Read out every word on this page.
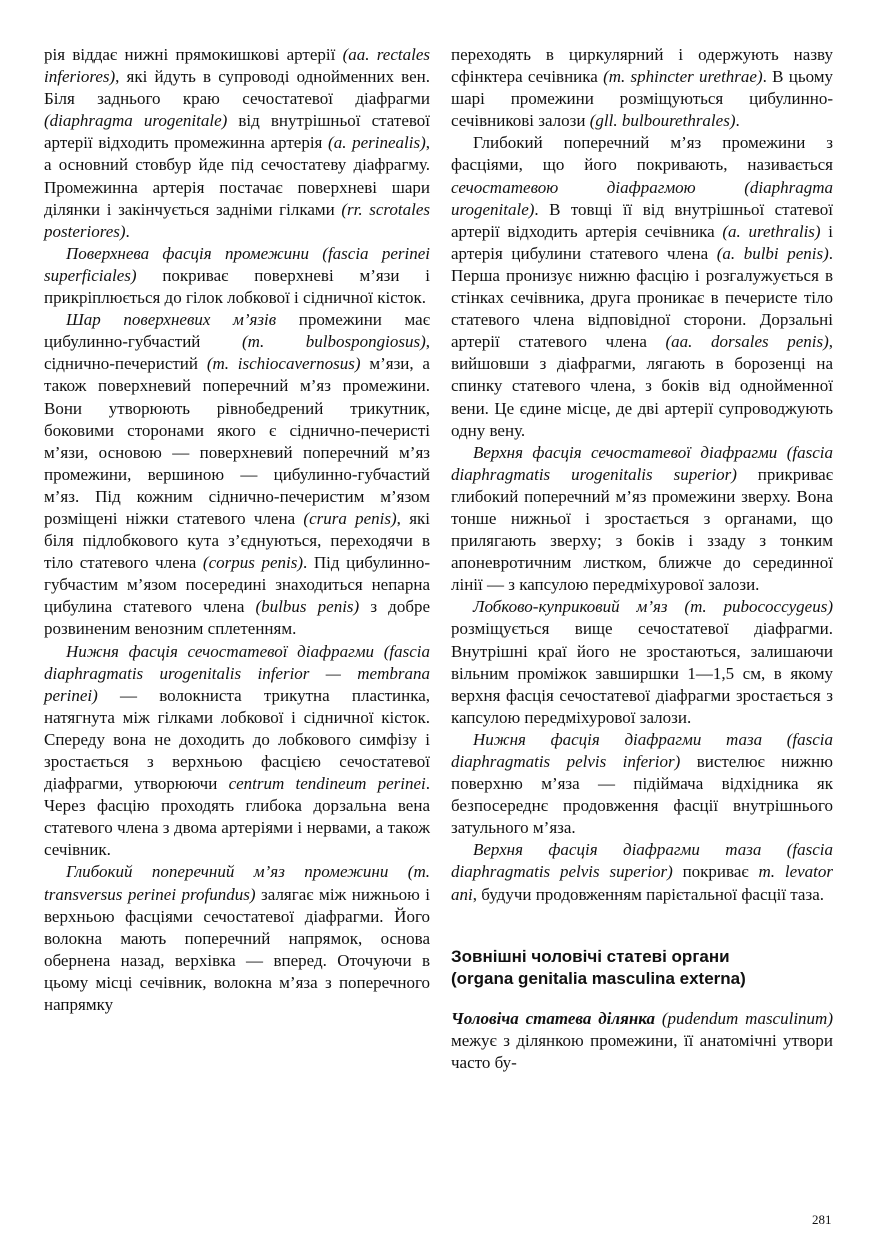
рія віддає нижні прямокишкові артерії (aa. rectales inferiores), які йдуть в супроводі однойменних вен. Біля заднього краю сечостатевої діафрагми (diaphragma urogenitale) від внутрішньої статевої артерії відходить промежинна артерія (a. perinealis), а основний стовбур йде під сечостатеву діафрагму. Промежинна артерія постачає поверхневі шари ділянки і закінчується задніми гілками (rr. scrotales posteriores).

Поверхнева фасція промежини (fascia perinei superficiales) покриває поверхневі м’язи і прикріплюється до гілок лобкової і сідничної кісток.

Шар поверхневих м’язів промежини має цибулинно-губчастий (m. bulbospongiosus), сіднично-печеристий (m. ischiocavernosus) м’язи, а також поверхневий поперечний м’яз промежини. Вони утворюють рівнобедрений трикутник, боковими сторонами якого є сіднично-печеристі м’язи, основою — поверхневий поперечний м’яз промежини, вершиною — цибулинно-губчастий м’яз. Під кожним сіднично-печеристим м’язом розміщені ніжки статевого члена (crura penis), які біля підлобкового кута з’єднуються, переходячи в тіло статевого члена (corpus penis). Під цибулинно-губчастим м’язом посередині знаходиться непарна цибулина статевого члена (bulbus penis) з добре розвиненим венозним сплетенням.

Нижня фасція сечостатевої діафрагми (fascia diaphragmatis urogenitalis inferior — membrana perinei) — волокниста трикутна пластинка, натягнута між гілками лобкової і сідничної кісток. Спереду вона не доходить до лобкового симфізу і зростається з верхньою фасцією сечостатевої діафрагми, утворюючи centrum tendineum perinei. Через фасцію проходять глибока дорзальна вена статевого члена з двома артеріями і нервами, а також сечівник.

Глибокий поперечний м’яз промежини (m. transversus perinei profundus) залягає між нижньою і верхньою фасціями сечостатевої діафрагми. Його волокна мають поперечний напрямок, основа обернена назад, верхівка — вперед. Оточуючи в цьому місці сечівник, волокна м’яза з поперечного напрямку

переходять в циркулярний і одержують назву сфінктера сечівника (m. sphincter urethrae). В цьому шарі промежини розміщуються цибулинно-сечівникові залози (gll. bulbourethrales).

Глибокий поперечний м’яз промежини з фасціями, що його покривають, називається сечостатевою діафрагмою (diaphragma urogenitale). В товщі її від внутрішньої статевої артерії відходить артерія сечівника (a. urethralis) і артерія цибулини статевого члена (a. bulbi penis). Перша пронизує нижню фасцію і розгалужується в стінках сечівника, друга проникає в печеристе тіло статевого члена відповідної сторони. Дорзальні артерії статевого члена (aa. dorsales penis), вийшовши з діафрагми, лягають в борозенці на спинку статевого члена, з боків від однойменної вени. Це єдине місце, де дві артерії супроводжують одну вену.

Верхня фасція сечостатевої діафрагми (fascia diaphragmatis urogenitalis superior) прикриває глибокий поперечний м’яз промежини зверху. Вона тонше нижньої і зростається з органами, що прилягають зверху; з боків і ззаду з тонким апоневротичним листком, ближче до серединної лінії — з капсулою передміхурової залози.

Лобково-куприковий м’яз (m. pubococcygeus) розміщується вище сечостатевої діафрагми. Внутрішні краї його не зростаються, залишаючи вільним проміжок завширшки 1—1,5 см, в якому верхня фасція сечостатевої діафрагми зростається з капсулою передміхурової залози.

Нижня фасція діафрагми таза (fascia diaphragmatis pelvis inferior) вистелює нижню поверхню м’яза — підіймача відхідника як безпосереднє продовження фасції внутрішнього затульного м’яза.

Верхня фасція діафрагми таза (fascia diaphragmatis pelvis superior) покриває m. levator ani, будучи продовженням парієтальної фасції таза.

Зовнішні чоловічі статеві органи
(organa genitalia masculina externa)

Чоловіча статева ділянка (pudendum masculinum) межує з ділянкою промежини, її анатомічні утвори часто бу-

281
